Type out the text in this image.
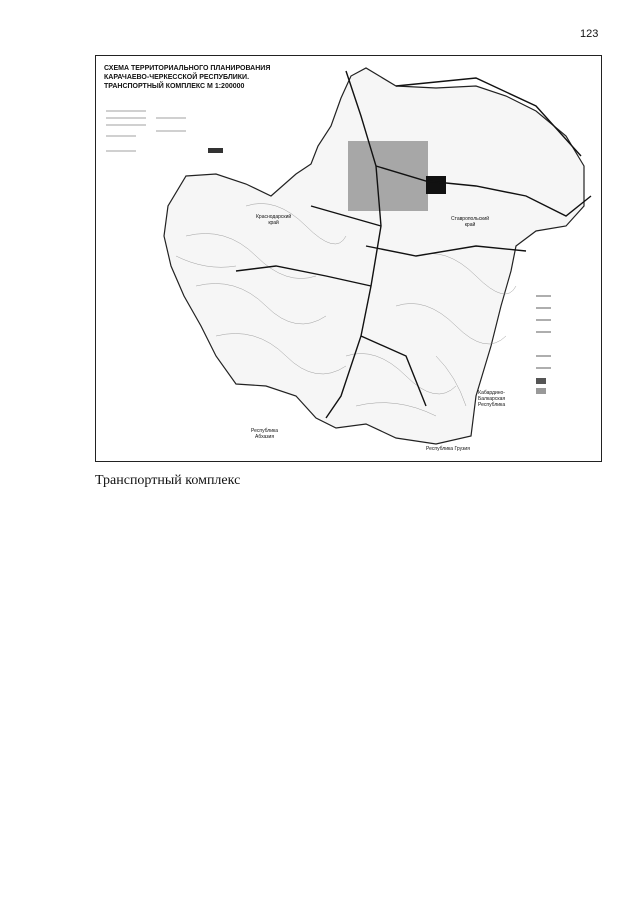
123
СХЕМА ТЕРРИТОРИАЛЬНОГО ПЛАНИРОВАНИЯ
КАРАЧАЕВО-ЧЕРКЕССКОЙ РЕСПУБЛИКИ.
ТРАНСПОРТНЫЙ КОМПЛЕКС М 1:200000
Краснодарский
край
Ставропольский
край
Кабардино-
Балкарская
Республика
Республика
Абхазия
Республика Грузия
Транспортный комплекс
